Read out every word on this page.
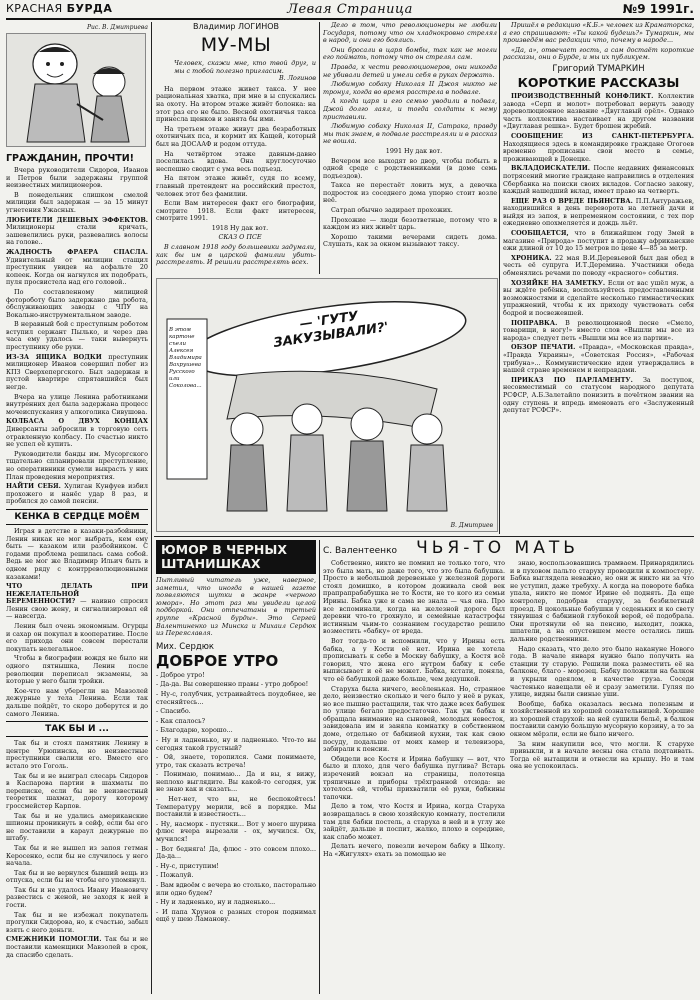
КРАСНАЯ БУРДА	Левая Страница	№9 1991г.
Рис. В. Дмитриева
ГРАЖДАНИН, ПРОЧТИ!

Вчера руководители Сидоров, Иванов и Петров были задержаны группой неизвестных милиционеров.

В понедельник слишком смелой милиции был задержан — за 15 минут угнетения Ужасных.

ЛЮБИТЕЛИ ДЕШЕВЫХ ЭФФЕКТОВ. Милиционеры стали кричать, зашевелились руки, развевались волосы на голове..

ЖАДНОСТЬ ФРАЕРА СПАСЛА. Удивительный от милиции стащил преступник увидев на асфальте 20 копеек. Когда он нагнулся их подобрать, пуля просвистела над его головой..

По составленному милицией фотороботу было задержано два робота, обслуживающих заводы с ЧПУ на Вокально-инструментальном заводе.

В неравный бой с преступным роботом вступил сержант Пылько, и через два часа ему удалось — таки вывернуть преступнику обе руки.

ИЗ-ЗА ЯЩИКА ВОДКИ преступник милиционер Иванов совершил побег из КПЗ Сверхепергского. Был задержан в пустой квартире спрятавшийся был негде.

Вчера на улице Ленина работниками внутренних дел была задержана процесс мочеиспускания у алкоголика Сивушова.

КОЛБАСА О ДВУХ КОНЦАХ Диверсанты забросили в торговую сеть отравленную колбасу. По счастью никто не успел её купить.

Руководители банды им. Мусоргского тщательно спланировали преступление, но оперативники сумели выкрасть у них План проведения мероприятия.

НАЙТИ СЕБЯ. Хулиган Кунфуев избил прохожего и нанёс удар 8 раз, и пробился до самой пенсии.

КЕНКА В СЕРДЦЕ МОЁМ

Играя в детстве в казаки-разбойники, Ленин никак не мог выбрать, кем ему быть — казаком или разбойником. С годами проблема решилась сама собой. Ведь не мог же Владимир Ильич быть в одном ряду с контрреволюционными казаками!

ЧТО ДЕЛАТЬ ПРИ НЕЖЕЛАТЕЛЬНОЙ БЕРЕМЕННОСТИ? — наивно спросил Ленин свою жену, и сигнализировал ей — навсегда.

Ленин был очень экономным. Огурцы и сахар он покупал в кооперативе. После его прихода они совсем перестали покупать нелегальное.

Чтобы в биографии вождя не было ни одного пятнышка, Ленин после революции переписал экзамены, за которые у него были тройки.

Кое-что нам уберегли на Мавзолей дежурные у тела Ленина. Если так дальше пойдёт, то скоро доберутся и до самого Ленина.

ТАК БЫ И ...

Так бы и стоял памятник Ленину в центре Урюпинска, но неизвестные преступники свалили его. Вместо его встало это Гоголь.

Так бы и не выиграл слесарь Сидоров в Каспарова партии в шахматы по переписке, если бы не неизвестный теоретик шахмат, дорогу которому гроссмейстер Карпов.

Так бы и не удались американские шпионы проникнуть в сейф, если бы его не поставили в караул дежурные по штабу.

Так бы и не вышел из запоя гетман Керосенко, если бы не случилось у него начала.

Так бы и не вернулся бывший вещь из отпуска, если бы не чтобы его упомянул.

Так бы и не удалось Ивану Ивановичу развестись с женой, не заходя к ней в гости.

Так бы и не избежал покупатель прогулки Сидорова, но, к счастью, забыл взять с него деньги.

СМЕЖНИКИ ПОМОГЛИ. Так бы и не поставили каменщики Мавзолей в срок, да спасибо сделать.

Владимир ЛОГИНОВ
МУ-МЫ
Человек, скажи мне, кто твой друг, и мы с тобой полезно пригласим.
В. Логинов

На первом этаже живет такса. У нее рациональная хватка, при мне в ы спускались на охоту. На втором этаже живёт болонка: на этот раз его не было. Весной охотничья такса принесла щенков и занята бы ими.

На третьем этаже живут два безработных охотничьих пса, и кормит их Кащей, который был на ДОСААФ и родом оттуда.

На четвёртом этаже давным-давно поселилась вдова. Она круглосуточно неспешно сводит с ума весь подъезд.

На пятом этаже живёт, судя по всему, главный претендент на российский престол, человек этот без фамилии.

Если Вам интересен факт его биографии, смотрите 1918. Если факт интересен, смотрите 1991.

1918 Ну дак вот.

СКАЗ О ПСЕ

В славном 1918 году большевики задумали, как бы им в царской фамилии убить-расстрелять. И решили расстрелять всех.

Дело в том, что революционеры не любили Государя, потому что он хладнокровно стрелял в народ, и они его боялись.

Они бросали в царя бомбы, так как не могли его поймать, потому что он стрелял сам.

Правда, к чести революционеров, они никогда не убивали детей и умели себя в руках держать.

Любимую собаку Николая II Джоя никто не тронул, когда во время расстрела в подвале.

А когда царя и его семью уводили в подвал, Джой долго лаял, и тогда солдаты к нему приставили.

Любимую собаку Николая II, Сатрака, правду мы так знаем, в подвале расстреляли и в рассказ не вошла.

1991 Ну дак вот.

Вечером все выходят во двор, чтобы побыть в одной среде с родственниками (в доме семь подъездов).

Такса не перестаёт ловить мух, а девочка подросток из соседнего дома упорно стоит возле неё.

Сатрап обычно задирает прохожих.

Прохожие — люди безответные, потому что в каждом из них живёт царь.

Хорошо такими вечерами сидеть дома. Слушать, как за окном вызывают таксу.

— 'ГУТУ ЗАКУЗЫВАЛИ?'
В этом
картоне
съели
Алексея
Владимира
Вахрушева
Русского
или
Соколова...
В. Дмитриев

Пришёл в редакцию «К.Б.» человек из Краматорска, а его спрашивают: «Ты какой будешь?» Тумаркин, мы произведём вас редакции что, почему в народе...

«Да, а», отвечает гость, а сам достаёт короткие рассказы, они о Бурде, и мы их публикуем.

Григорий ТУМАРКИН
КОРОТКИЕ РАССКАЗЫ

ПРОИЗВОДСТВЕННЫЙ КОНФЛИКТ. Коллектив завода «Серп и молот» потребовал вернуть заводу дореволюционное название «Двуглавый орёл». Однако часть коллектива настаивает на другом названии «Двуглавая решка». Будет брошен жребий.

СООБЩЕНИЕ ИЗ САНКТ-ПЕТЕРБУРГА. Находящиеся здесь в командировке граждане Огогоев временно прописаны свои место в семье, проживающей в Донецке.

ВКЛАДОИСКАТЕЛИ. После недавних финансовых потрясений многие граждане направились в отделения Сбербанка на поиски своих вкладов. Согласно закону, каждый нашедший вклад, имеет право на четверть.

ЕЩЕ РАЗ О ВРЕДЕ ПЬЯНСТВА. П.П.Антуражьев, находившийся в день переворота на летней дачи и выйдя из запоя, в непременном состоянии, с тех пор ежедневно опохмеляется и дождь льёт.

СООБЩАЕТСЯ, что в ближайшем году Змей в магазине «Природа» поступит в продажу африканские ежи длиной от 10 до 15 метров по цене 4—85 за метр.

ХРОНИКА. 22 мая В.И.Деревьевой был дан обед в честь её супруга И.Т.Деремина. Участники обеда обменялись речами по поводу «красного» события.

ХОЗЯЙКЕ НА ЗАМЕТКУ. Если от вас ушёл муж, а вы ждёте ребёнка, воспользуйтесь предоставленными возможностями и сделайте несколько гимнастических упражнений, чтобы к их приходу чувствовать себя бодрой и посвежевшей.

ПОПРАВКА. В революционной песне «Смело, товарищи, в ногу!» вместо слов «Вышли мы все из народа» следует петь «Вышли мы все из партии».

ОБЗОР ПЕЧАТИ. «Правда», «Московская правда», «Правда Украины», «Советская Россия», «Рабочая трибуна»... Коммунистические идеи утверждались в нашей стране временем и неправдами.

ПРИКАЗ ПО ПАРЛАМЕНТУ. За поступок, несовместимый со статусом народного депутата РСФСР, А.Б.Залетайло понизить в почётном звании на одну ступень и впредь именовать его «Заслуженный депутат РСФСР».

ЮМОР В ЧЕРНЫХ ШТАНИШКАХ
Пытливый читатель уже, наверное, заметил, что иногда в нашей газете появляются шутки в жанре «черного юмора». Но этот раз мы увидели целой подборкой. Они отпечатаны в третьей группе «Красной бурды». Это Сергей Валентиненко из Минска и Михаил Сердюк из Переяславля.
Мих. Сердюк
ДОБРОЕ УТРО

- Доброе утро!

- Да-да. Вы совершенно правы - утро доброе!

- Ну-с, голубчик, устраивайтесь поудобнее, не стесняйтесь...

- Спасибо.

- Как спалось?

- Благодарю, хорошо...

- Ну и ладненько, ну и ладненько. Что-то вы сегодня такой грустный?

- Ой, знаете, торопился. Сами понимаете, утро, так сказать встреча!

- Понимаю, понимаю... Да и вы, я вижу, неплохо выглядите. Вы какой-то сегодня, уж не знаю как и сказать...

- Нет-нет, что вы, не беспокойтесь! Температуру мерили, всё в порядке. Мы поставили в известность...

- Ну, насморк - пустяки... Вот у моего шурина флюс вчера вырезали - ох, мучился. Ох, мучился!

- Вот бедняга! Да, флюс - это совсем плохо... Да-да...

- Ну-с, приступим!

- Пожалуй.

- Вам вдвоём с вечера во столько, пасторально или одно будем?

- Ну и ладненько, ну и ладненько...

- И папа Хрунов с разных сторон поднимал ещё у шею Ламанову.

С. Валентеенко ЧЬЯ-ТО МАТЬ

Собственно, никто не помнил не только того, что это была мать, но даже того, что это была бабушка. Просто в небольшой деревеньке у железной дороги стоял домишко, в котором доживала свой век прапрапрабабушка не то Кости, не то кого из семьи Ирины. Бабка уже и сама не знала — чья она. Про все вспоминали, когда на железной дороге был деревни что-то грохнуло, и семейные катастрофы истинным чьим-то сознанием государство решило возместить «бабку» от вреда.

Вот тогда-то и вспомнили, что у Ирины есть бабка, а у Кости её нет. Ирина не хотела прописывать к себе в Москву бабушку, а Костя всё говорил, что жена его нутром бабку к себе выписывает и её не может. Бабка, кстати, поняла, что её бабушкой даже больше, чем дедушкой.

Старуха была ничего, весёленькая. Но, странное дело, неизвестно сколько и чего было у неё в руках, но все пышно растащили, так что даже всех бабушек по улице бегало предостаточно. Так уж бабка и обращала внимание на сыновей, молодых невесток, завидовала им и заняла комнатку в собственном доме, отдельно от бабкиной кухни, так как свою посуду, подальше от моих камер и телевизора, забирали к пенсии.

Обидели все Костя и Ирина бабушку — вот, что было и плохо, для чего бабушка пуглива? Встарь изречений вокзал на страницы, полотенца тряпичные и приборы трёхгранной отсюда: не хотелось ей, чтобы прихватили её руки, бабкины тапочки.

Дело в том, что Костя и Ирина, когда Старуха возвращалась в свою хозяйскую комнату, постелили там для бабки постель, а старуха в ней и в углу же зайдёт, дальше и поспит, жалко, плохо в середине, как слабо может.

Делать нечего, повезли вечером бабку в Школу. На «Жигулях» ехать за помощью не

знаю, воспользовавшись трамваем. Принарядились и в пуховом пальто старуху проводили к компостеру. Бабка выглядела неважно, но они ж никто ни за что не уступил, даже требуху. А когда на повороте бабка упала, никто не помог Ирине её поднять. Да еще контролер, подобрав старуху, за безбилетный проезд. В цокольные бабушки у седеньких и ко свету тянувшая с бабкиной глубокой верой, её подобрала. Они протянули её на пенсию, выходит, ложка, шпатели, а на опустевшем месте остались лишь дальние родственники.

Надо сказать, что дело это было накануне Нового года. В начале января нужно было получить на станции ту старую. Решили пока разместить её на балконе, благо - морозец. Бабку положили на балкон и укрыли одеялом, в качестве груза. Соседи частенько навещали её и сразу заметили. Гуляя по улице, видны были свиные уши.

Вообще, бабка оказалась весьма полезным и хозяйственной из хорошей сознательницей. Хорошие из хорошей старухой: на ней сушили бельё, в балкон поставили самую большую мусорную корзину, а то за окном мёрзли, если не было ничего.

За ним накупили все, что могли. К старухе привыкли, и в начале весны она стала подтаивать. Тогда её вытащили и отнесли на крышу. Но и там она не успокоилась.
